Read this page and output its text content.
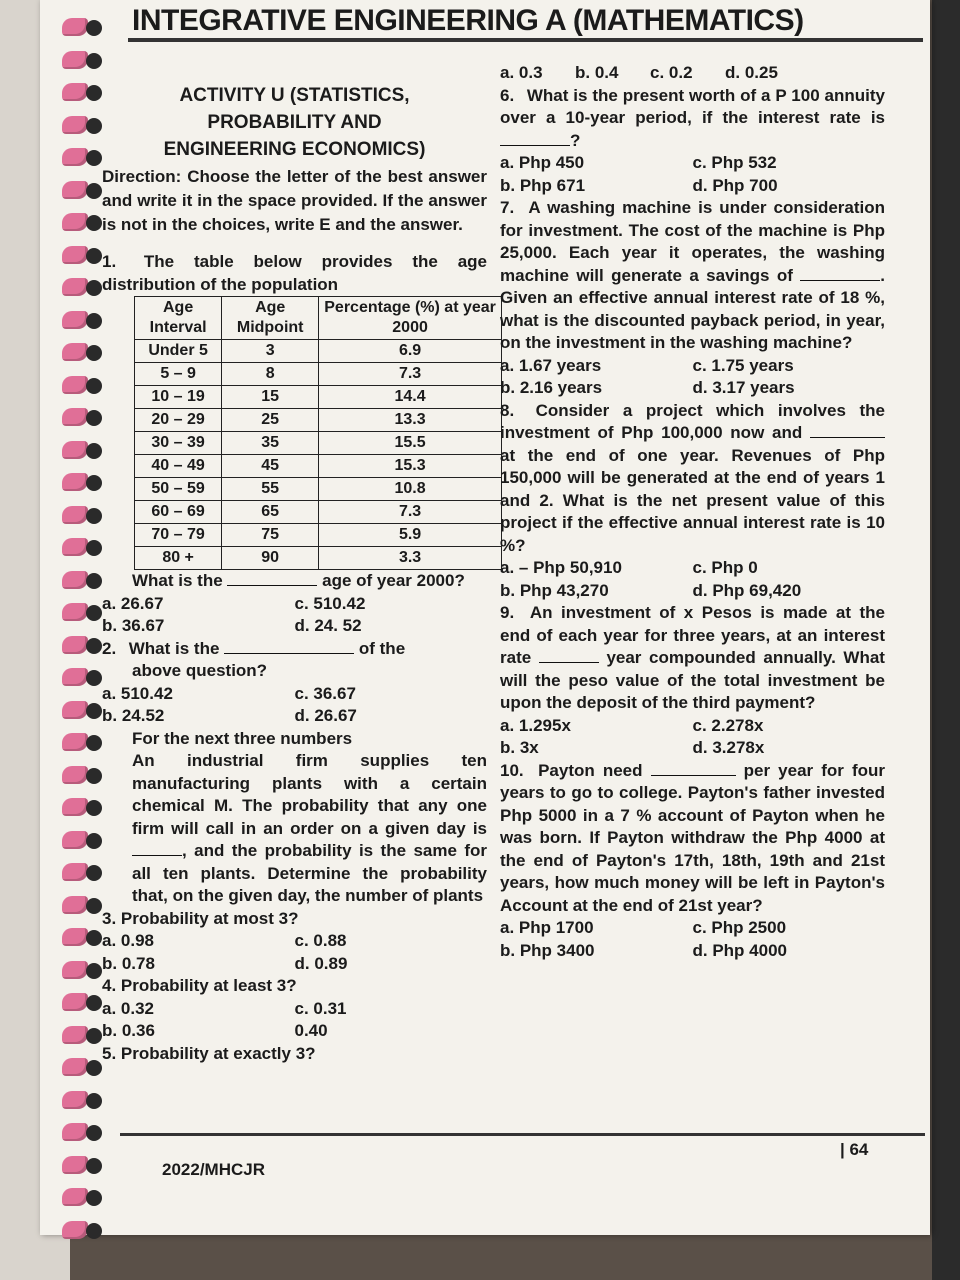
INTEGRATIVE ENGINEERING A (MATHEMATICS)
ACTIVITY U (STATISTICS,
PROBABILITY AND
ENGINEERING ECONOMICS)
Direction: Choose the letter of the best answer and write it in the space provided. If the answer is not in the choices, write E and the answer.
1. The table below provides the age distribution of the population
Age Interval	Age Midpoint	Percentage (%) at year 2000
Under 5	3	6.9
5 – 9	8	7.3
10 – 19	15	14.4
20 – 29	25	13.3
30 – 39	35	15.5
40 – 49	45	15.3
50 – 59	55	10.8
60 – 69	65	7.3
70 – 79	75	5.9
80 +	90	3.3
What is the	age of year 2000?
a. 26.67	c. 510.42
b. 36.67	d. 24. 52
2. What is the	of the
above question?
a. 510.42	c. 36.67
b. 24.52	d. 26.67
For the next three numbers
An industrial firm supplies ten manufacturing plants with a certain chemical M. The probability that any one firm will call in an order on a given day is , and the probability is the same for all ten plants. Determine the probability that, on the given day, the number of plants
3. Probability at most 3?
a. 0.98	c. 0.88
b. 0.78	d. 0.89
4. Probability at least 3?
a. 0.32	c. 0.31
b. 0.36	0.40
5. Probability at exactly 3?
a. 0.3	b. 0.4	c. 0.2	d. 0.25
6. What is the present worth of a P 100 annuity over a 10-year period, if the interest rate is ?
a. Php 450	c. Php 532
b. Php 671	d. Php 700
7. A washing machine is under consideration for investment. The cost of the machine is Php 25,000. Each year it operates, the washing machine will generate a savings of	. Given an effective annual interest rate of 18 %, what is the discounted payback period, in year, on the investment in the washing machine?
a. 1.67 years	c. 1.75 years
b. 2.16 years	d. 3.17 years
8. Consider a project which involves the investment of Php 100,000 now and  at the end of one year. Revenues of Php 150,000 will be generated at the end of years 1 and 2. What is the net present value of this project if the effective annual interest rate is 10 %?
a. – Php 50,910	c. Php 0
b. Php 43,270	d. Php 69,420
9. An investment of x Pesos is made at the end of each year for three years, at an interest rate	year compounded annually. What will the peso value of the total investment be upon the deposit of the third payment?
a. 1.295x	c. 2.278x
b. 3x	d. 3.278x
10. Payton need	per year for four years to go to college. Payton's father invested Php 5000 in a 7 % account of Payton when he was born. If Payton withdraw the Php 4000 at the end of Payton's 17th, 18th, 19th and 21st years, how much money will be left in Payton's Account at the end of 21st year?
a. Php 1700	c. Php 2500
b. Php 3400	d. Php 4000
2022/MHCJR
| 64
